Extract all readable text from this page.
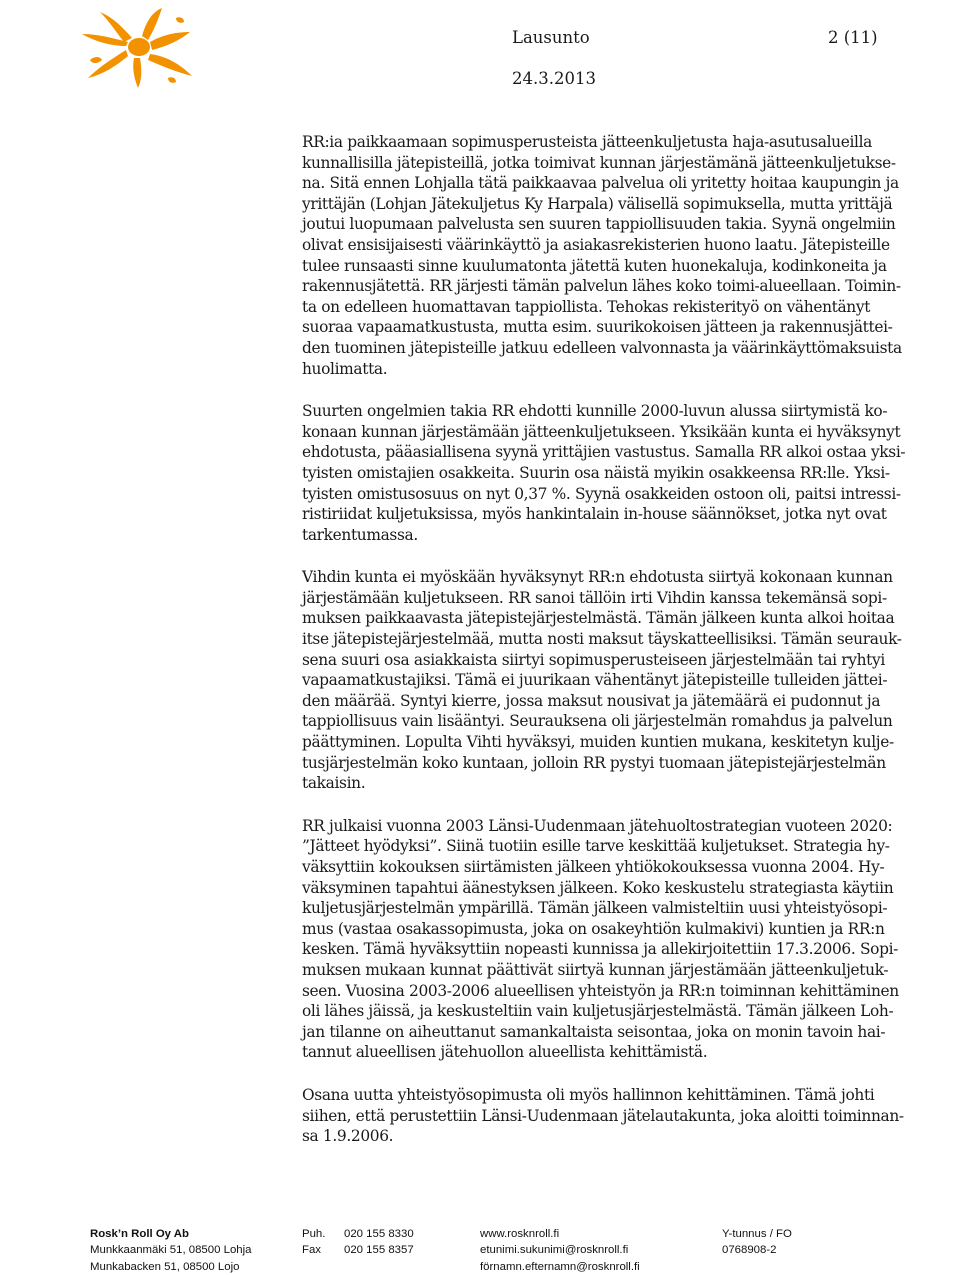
Lausunto	2 (11)
24.3.2013

RR:ia paikkaamaan sopimusperusteista jätteenkuljetusta haja-asutusalueilla
kunnallisilla jätepisteillä, jotka toimivat kunnan järjestämänä jätteenkuljetukse-
na. Sitä ennen Lohjalla tätä paikkaavaa palvelua oli yritetty hoitaa kaupungin ja
yrittäjän (Lohjan Jätekuljetus Ky Harpala) välisellä sopimuksella, mutta yrittäjä
joutui luopumaan palvelusta sen suuren tappiollisuuden takia. Syynä ongelmiin
olivat ensisijaisesti väärinkäyttö ja asiakasrekisterien huono laatu. Jätepisteille
tulee runsaasti sinne kuulumatonta jätettä kuten huonekaluja, kodinkoneita ja
rakennusjätettä. RR järjesti tämän palvelun lähes koko toimi-alueellaan. Toimin-
ta on edelleen huomattavan tappiollista. Tehokas rekisterityö on vähentänyt
suoraa vapaamatkustusta, mutta esim. suurikokoisen jätteen ja rakennusjättei-
den tuominen jätepisteille jatkuu edelleen valvonnasta ja väärinkäyttömaksuista
huolimatta.

Suurten ongelmien takia RR ehdotti kunnille 2000-luvun alussa siirtymistä ko-
konaan kunnan järjestämään jätteenkuljetukseen. Yksikään kunta ei hyväksynyt
ehdotusta, pääasiallisena syynä yrittäjien vastustus. Samalla RR alkoi ostaa yksi-
tyisten omistajien osakkeita. Suurin osa näistä myikin osakkeensa RR:lle. Yksi-
tyisten omistusosuus on nyt 0,37 %. Syynä osakkeiden ostoon oli, paitsi intressi-
ristiriidat kuljetuksissa, myös hankintalain in-house säännökset, jotka nyt ovat
tarkentumassa.

Vihdin kunta ei myöskään hyväksynyt RR:n ehdotusta siirtyä kokonaan kunnan
järjestämään kuljetukseen. RR sanoi tällöin irti Vihdin kanssa tekemänsä sopi-
muksen paikkaavasta jätepistejärjestelmästä. Tämän jälkeen kunta alkoi hoitaa
itse jätepistejärjestelmää, mutta nosti maksut täyskatteellisiksi. Tämän seurauk-
sena suuri osa asiakkaista siirtyi sopimusperusteiseen järjestelmään tai ryhtyi
vapaamatkustajiksi. Tämä ei juurikaan vähentänyt jätepisteille tulleiden jättei-
den määrää. Syntyi kierre, jossa maksut nousivat ja jätemäärä ei pudonnut ja
tappiollisuus vain lisääntyi. Seurauksena oli järjestelmän romahdus ja palvelun
päättyminen. Lopulta Vihti hyväksyi, muiden kuntien mukana, keskitetyn kulje-
tusjärjestelmän koko kuntaan, jolloin RR pystyi tuomaan jätepistejärjestelmän
takaisin.

RR julkaisi vuonna 2003 Länsi-Uudenmaan jätehuoltostrategian vuoteen 2020:
”Jätteet hyödyksi”. Siinä tuotiin esille tarve keskittää kuljetukset. Strategia hy-
väksyttiin kokouksen siirtämisten jälkeen yhtiökokouksessa vuonna 2004. Hy-
väksyminen tapahtui äänestyksen jälkeen. Koko keskustelu strategiasta käytiin
kuljetusjärjestelmän ympärillä. Tämän jälkeen valmisteltiin uusi yhteistyösopi-
mus (vastaa osakassopimusta, joka on osakeyhtiön kulmakivi) kuntien ja RR:n
kesken. Tämä hyväksyttiin nopeasti kunnissa ja allekirjoitettiin 17.3.2006. Sopi-
muksen mukaan kunnat päättivät siirtyä kunnan järjestämään jätteenkuljetuk-
seen. Vuosina 2003-2006 alueellisen yhteistyön ja RR:n toiminnan kehittäminen
oli lähes jäissä, ja keskusteltiin vain kuljetusjärjestelmästä. Tämän jälkeen Loh-
jan tilanne on aiheuttanut samankaltaista seisontaa, joka on monin tavoin hai-
tannut alueellisen jätehuollon alueellista kehittämistä.

Osana uutta yhteistyösopimusta oli myös hallinnon kehittäminen. Tämä johti
siihen, että perustettiin Länsi-Uudenmaan jätelautakunta, joka aloitti toiminnan-
sa 1.9.2006.

Rosk’n Roll Oy Ab
Munkkaanmäki 51, 08500 Lohja
Munkabacken 51, 08500 Lojo
Puh.
Fax
020 155 8330
020 155 8357
www.rosknroll.fi
etunimi.sukunimi@rosknroll.fi
förnamn.efternamn@rosknroll.fi
Y-tunnus / FO
0768908-2
